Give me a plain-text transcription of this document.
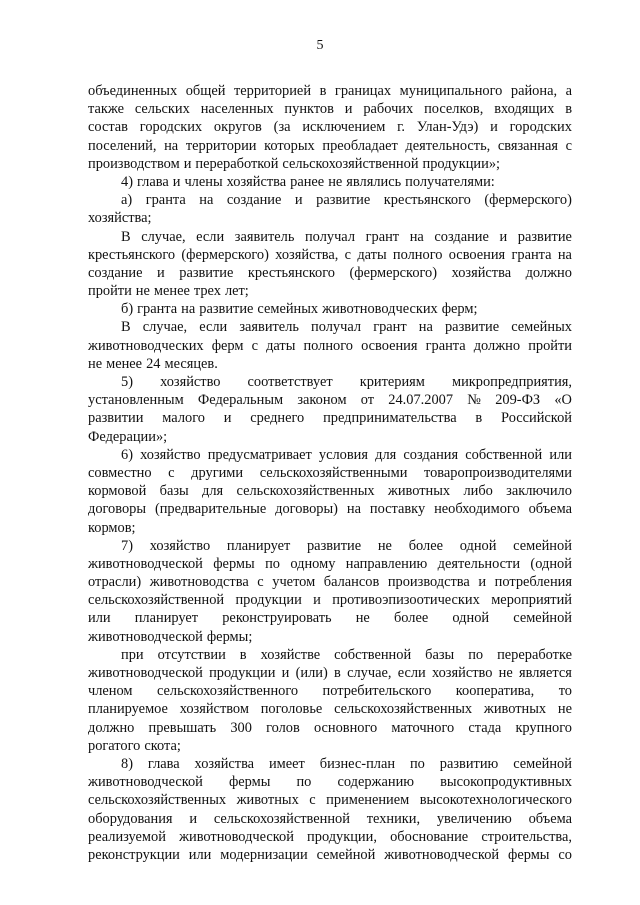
5
объединенных общей территорией в границах муниципального района, а
также сельских населенных пунктов и рабочих поселков, входящих в
состав городских округов (за исключением г. Улан-Удэ) и городских
поселений, на территории которых преобладает деятельность, связанная с
производством и переработкой сельскохозяйственной продукции»;
4) глава и члены хозяйства ранее не являлись получателями:
а) гранта на создание и развитие крестьянского (фермерского)
хозяйства;
В случае, если заявитель получал грант на создание и развитие
крестьянского (фермерского) хозяйства, с даты полного освоения гранта на
создание и развитие крестьянского (фермерского) хозяйства должно
пройти не менее трех лет;
б) гранта на развитие семейных животноводческих ферм;
В случае, если заявитель получал грант на развитие семейных
животноводческих ферм с даты полного освоения гранта должно пройти
не менее 24 месяцев.
5) хозяйство соответствует критериям микропредприятия,
установленным Федеральным законом от 24.07.2007 № 209-ФЗ «О
развитии малого и среднего предпринимательства в Российской
Федерации»;
6) хозяйство предусматривает условия для создания собственной или
совместно с другими сельскохозяйственными товаропроизводителями
кормовой базы для сельскохозяйственных животных либо заключило
договоры (предварительные договоры) на поставку необходимого объема
кормов;
7) хозяйство планирует развитие не более одной семейной
животноводческой фермы по одному направлению деятельности (одной
отрасли) животноводства с учетом балансов производства и потребления
сельскохозяйственной продукции и противоэпизоотических мероприятий
или планирует реконструировать не более одной семейной
животноводческой фермы;
при отсутствии в хозяйстве собственной базы по переработке
животноводческой продукции и (или) в случае, если хозяйство не является
членом сельскохозяйственного потребительского кооператива, то
планируемое хозяйством поголовье сельскохозяйственных животных не
должно превышать 300 голов основного маточного стада крупного
рогатого скота;
8) глава хозяйства имеет бизнес-план по развитию семейной
животноводческой фермы по содержанию высокопродуктивных
сельскохозяйственных животных с применением высокотехнологического
оборудования и сельскохозяйственной техники, увеличению объема
реализуемой животноводческой продукции, обоснование строительства,
реконструкции или модернизации семейной животноводческой фермы со
